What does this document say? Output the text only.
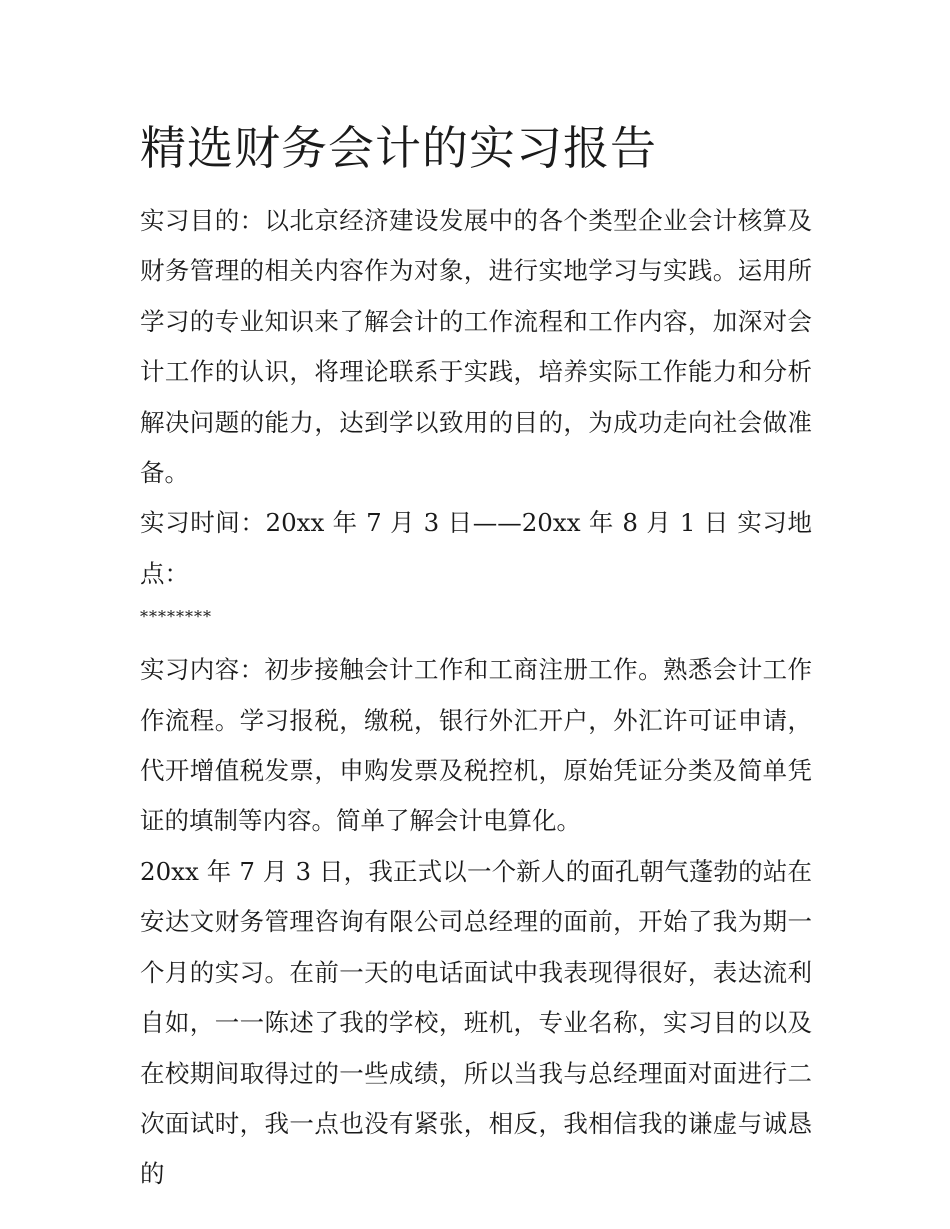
精选财务会计的实习报告

实习目的：以北京经济建设发展中的各个类型企业会计核算及财务管理的相关内容作为对象，进行实地学习与实践。运用所学习的专业知识来了解会计的工作流程和工作内容，加深对会计工作的认识，将理论联系于实践，培养实际工作能力和分析解决问题的能力，达到学以致用的目的，为成功走向社会做准备。

实习时间：20xx 年 7 月 3 日——20xx 年 8 月 1 日 实习地点：

********

实习内容：初步接触会计工作和工商注册工作。熟悉会计工作作流程。学习报税，缴税，银行外汇开户，外汇许可证申请，代开增值税发票，申购发票及税控机，原始凭证分类及简单凭证的填制等内容。简单了解会计电算化。

20xx 年 7 月 3 日，我正式以一个新人的面孔朝气蓬勃的站在安达文财务管理咨询有限公司总经理的面前，开始了我为期一个月的实习。在前一天的电话面试中我表现得很好，表达流利自如，一一陈述了我的学校，班机，专业名称，实习目的以及在校期间取得过的一些成绩，所以当我与总经理面对面进行二次面试时，我一点也没有紧张，相反，我相信我的谦虚与诚恳的
